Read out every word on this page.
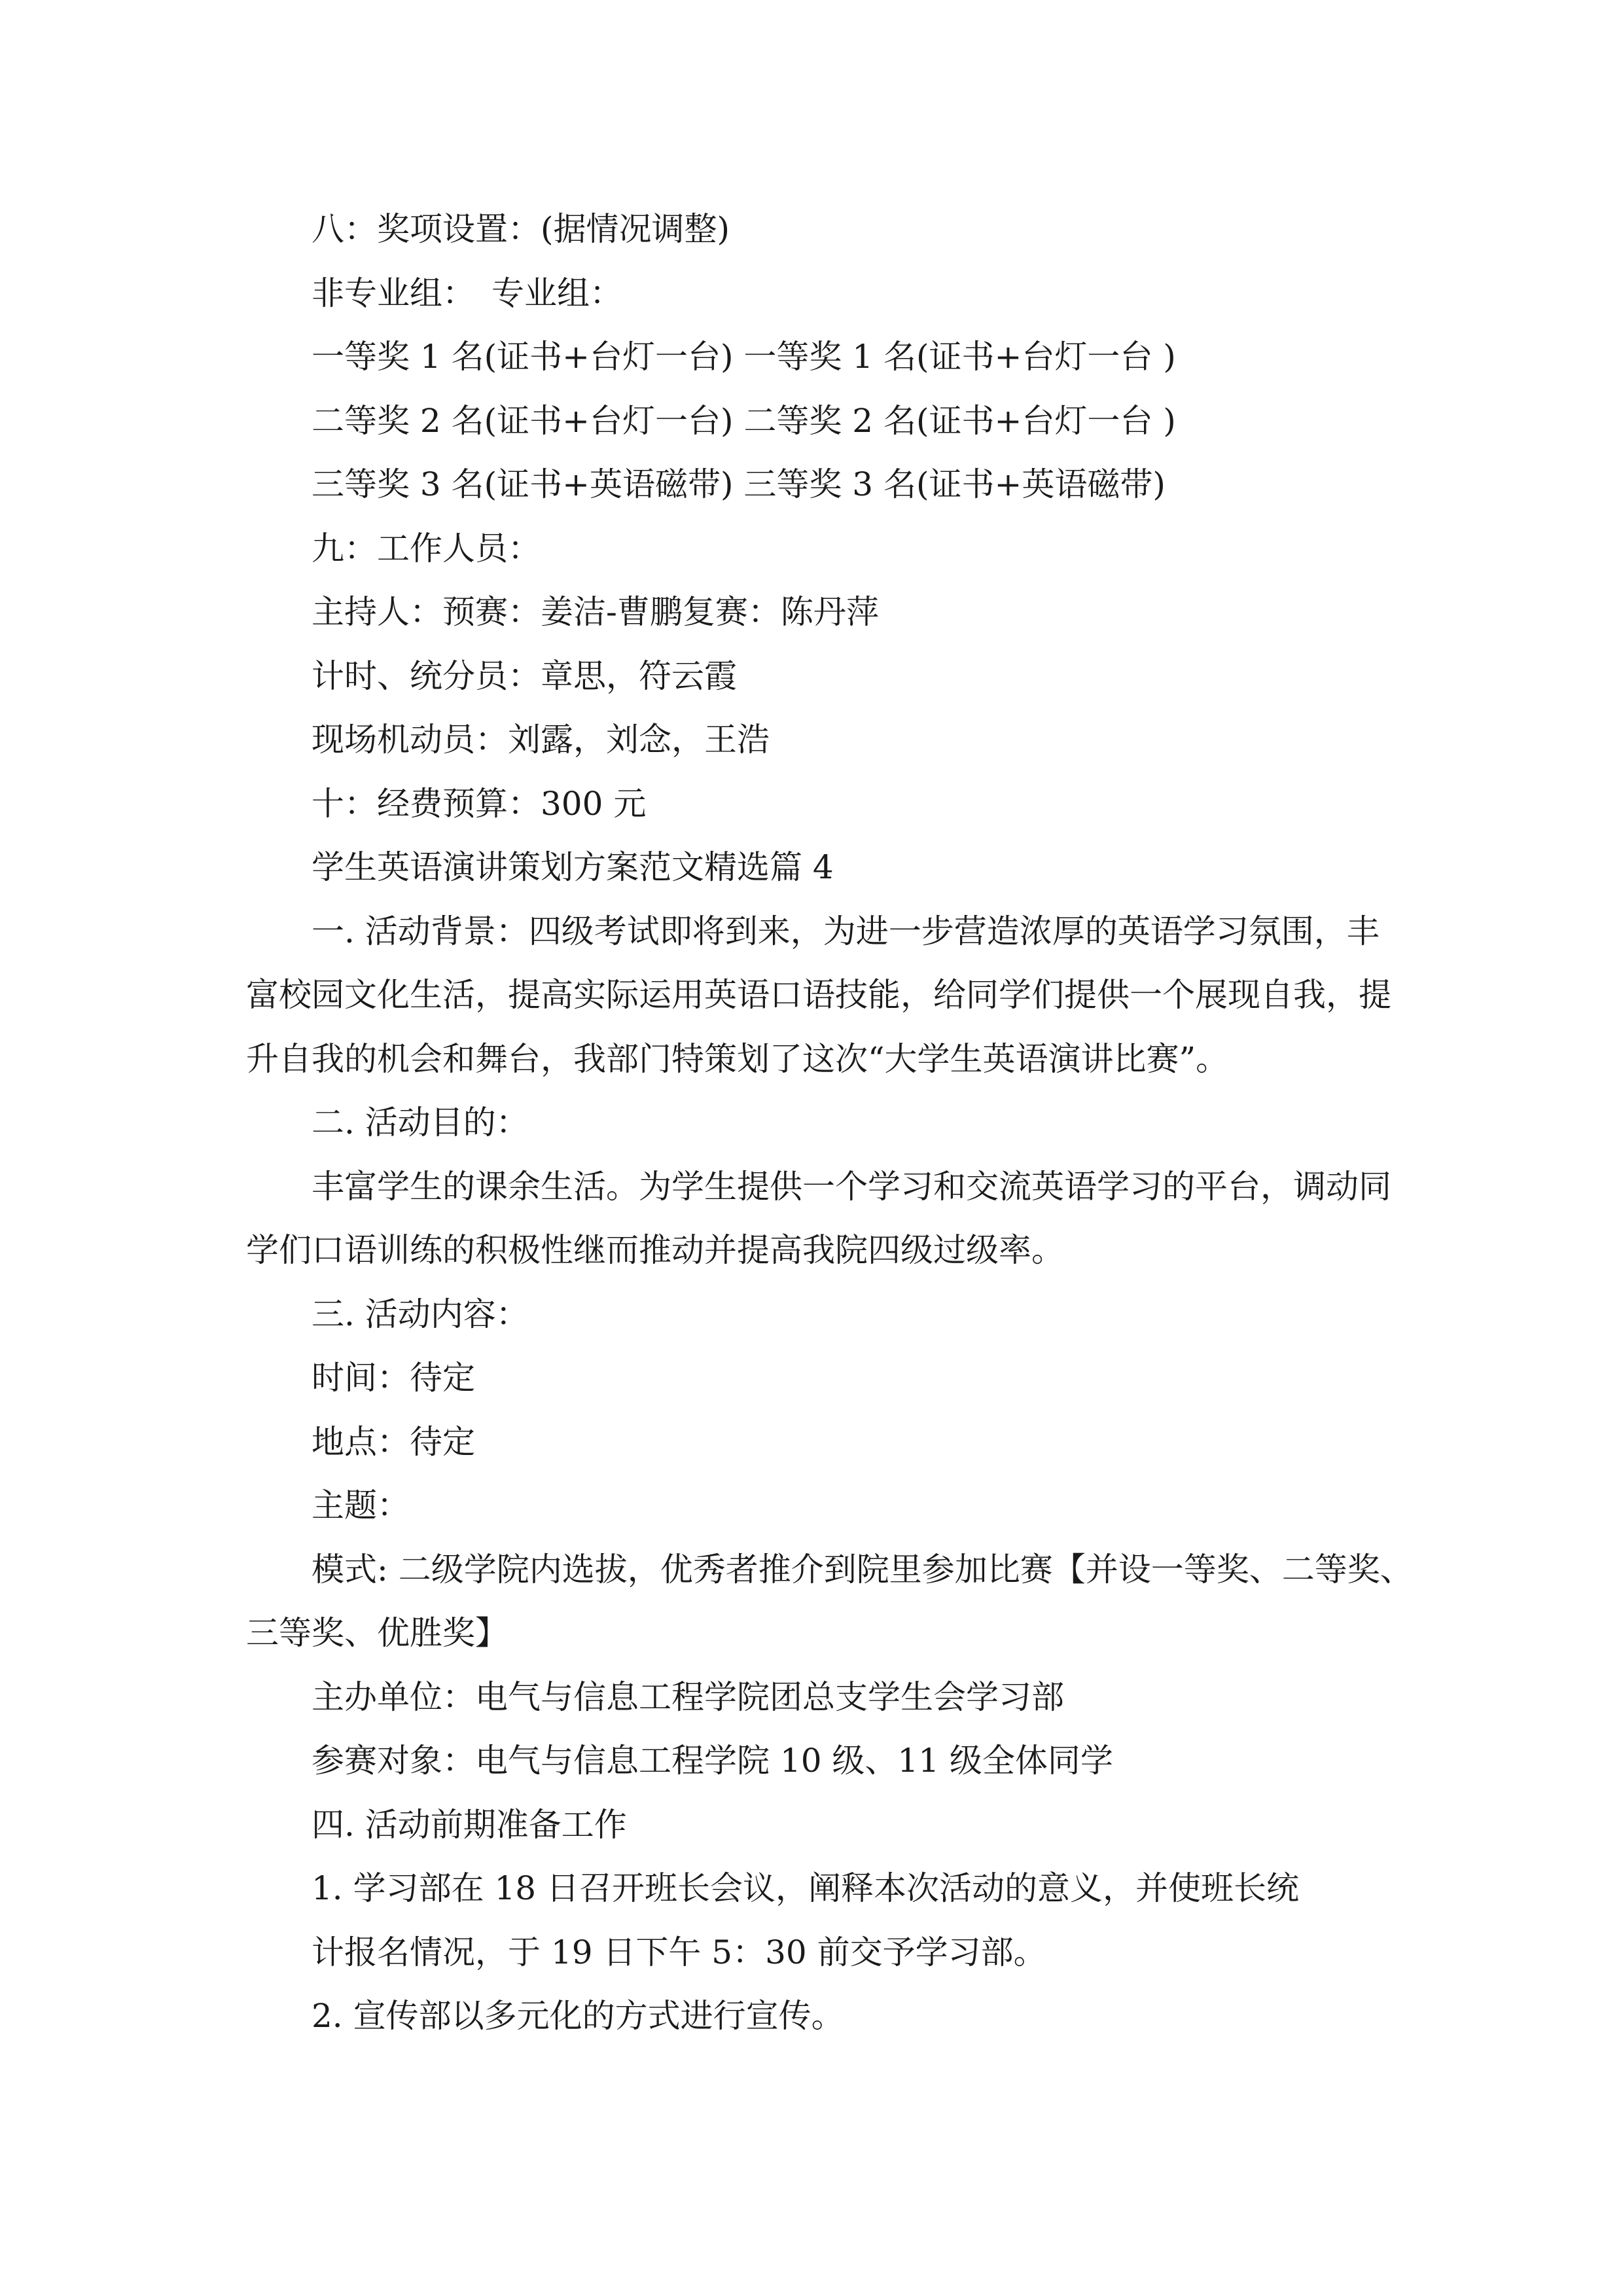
八：奖项设置：(据情况调整)
非专业组：　专业组：
一等奖 1 名(证书+台灯一台) 一等奖 1 名(证书+台灯一台 )
二等奖 2 名(证书+台灯一台) 二等奖 2 名(证书+台灯一台 )
三等奖 3 名(证书+英语磁带) 三等奖 3 名(证书+英语磁带)
九：工作人员：
主持人：预赛：姜洁-曹鹏复赛：陈丹萍
计时、统分员：章思，符云霞
现场机动员：刘露，刘念，王浩
十：经费预算：300 元
学生英语演讲策划方案范文精选篇 4
一. 活动背景：四级考试即将到来，为进一步营造浓厚的英语学习氛围，丰
富校园文化生活，提高实际运用英语口语技能，给同学们提供一个展现自我，提
升自我的机会和舞台，我部门特策划了这次“大学生英语演讲比赛”。
二. 活动目的：
丰富学生的课余生活。为学生提供一个学习和交流英语学习的平台，调动同
学们口语训练的积极性继而推动并提高我院四级过级率。
三. 活动内容：
时间：待定
地点：待定
主题：
模式: 二级学院内选拔，优秀者推介到院里参加比赛【并设一等奖、二等奖、
三等奖、优胜奖】
主办单位：电气与信息工程学院团总支学生会学习部
参赛对象：电气与信息工程学院 10 级、11 级全体同学
四. 活动前期准备工作
1. 学习部在 18 日召开班长会议，阐释本次活动的意义，并使班长统
计报名情况，于 19 日下午 5：30 前交予学习部。
2. 宣传部以多元化的方式进行宣传。
